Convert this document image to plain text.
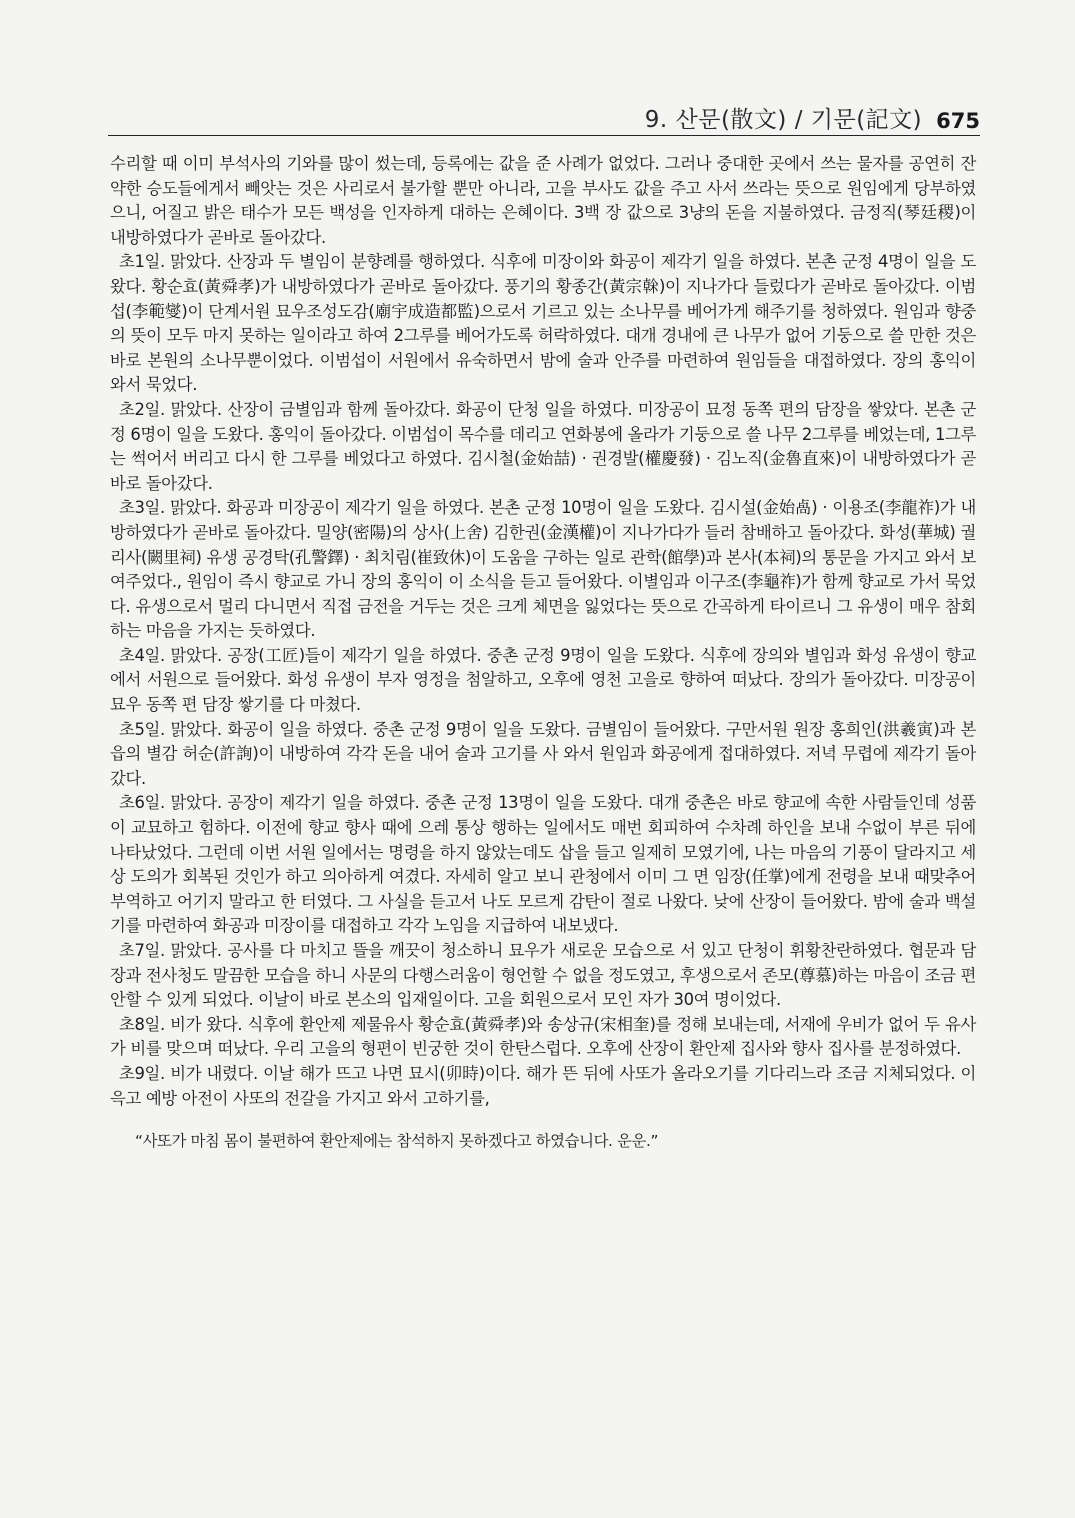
9. 산문(散文) / 기문(記文) 675

수리할 때 이미 부석사의 기와를 많이 썼는데, 등록에는 값을 준 사례가 없었다. 그러나 중대한 곳에서 쓰는 물자를 공연히 잔약한 승도들에게서 빼앗는 것은 사리로서 불가할 뿐만 아니라, 고을 부사도 값을 주고 사서 쓰라는 뜻으로 원임에게 당부하였으니, 어질고 밝은 태수가 모든 백성을 인자하게 대하는 은혜이다. 3백 장 값으로 3냥의 돈을 지불하였다. 금정직(琴廷稷)이 내방하였다가 곧바로 돌아갔다.

초1일. 맑았다. 산장과 두 별임이 분향례를 행하였다. 식후에 미장이와 화공이 제각기 일을 하였다. 본촌 군정 4명이 일을 도왔다. 황순효(黃舜孝)가 내방하였다가 곧바로 돌아갔다. 풍기의 황종간(黃宗榦)이 지나가다 들렀다가 곧바로 돌아갔다. 이범섭(李範燮)이 단계서원 묘우조성도감(廟宇成造都監)으로서 기르고 있는 소나무를 베어가게 해주기를 청하였다. 원임과 향중의 뜻이 모두 마지 못하는 일이라고 하여 2그루를 베어가도록 허락하였다. 대개 경내에 큰 나무가 없어 기둥으로 쓸 만한 것은 바로 본원의 소나무뿐이었다. 이범섭이 서원에서 유숙하면서 밤에 술과 안주를 마련하여 원임들을 대접하였다. 장의 홍익이 와서 묵었다.

초2일. 맑았다. 산장이 금별임과 함께 돌아갔다. 화공이 단청 일을 하였다. 미장공이 묘정 동쪽 편의 담장을 쌓았다. 본촌 군정 6명이 일을 도왔다. 홍익이 돌아갔다. 이범섭이 목수를 데리고 연화봉에 올라가 기둥으로 쓸 나무 2그루를 베었는데, 1그루는 썩어서 버리고 다시 한 그루를 베었다고 하였다. 김시철(金始喆) · 권경발(權慶發) · 김노직(金魯直來)이 내방하였다가 곧바로 돌아갔다.

초3일. 맑았다. 화공과 미장공이 제각기 일을 하였다. 본촌 군정 10명이 일을 도왔다. 김시설(金始卨) · 이용조(李龍祚)가 내방하였다가 곧바로 돌아갔다. 밀양(密陽)의 상사(上舍) 김한권(金漢權)이 지나가다가 들러 참배하고 돌아갔다. 화성(華城) 궐리사(闕里祠) 유생 공경탁(孔警鐸) · 최치림(崔致休)이 도움을 구하는 일로 관학(館學)과 본사(本祠)의 통문을 가지고 와서 보여주었다., 원임이 즉시 향교로 가니 장의 홍익이 이 소식을 듣고 들어왔다. 이별임과 이구조(李龜祚)가 함께 향교로 가서 묵었다. 유생으로서 멀리 다니면서 직접 금전을 거두는 것은 크게 체면을 잃었다는 뜻으로 간곡하게 타이르니 그 유생이 매우 참회하는 마음을 가지는 듯하였다.

초4일. 맑았다. 공장(工匠)들이 제각기 일을 하였다. 중촌 군정 9명이 일을 도왔다. 식후에 장의와 별임과 화성 유생이 향교에서 서원으로 들어왔다. 화성 유생이 부자 영정을 첨알하고, 오후에 영천 고을로 향하여 떠났다. 장의가 돌아갔다. 미장공이 묘우 동쪽 편 담장 쌓기를 다 마쳤다.

초5일. 맑았다. 화공이 일을 하였다. 중촌 군정 9명이 일을 도왔다. 금별임이 들어왔다. 구만서원 원장 홍희인(洪羲寅)과 본읍의 별감 허순(許詢)이 내방하여 각각 돈을 내어 술과 고기를 사 와서 원임과 화공에게 접대하였다. 저녁 무렵에 제각기 돌아갔다.

초6일. 맑았다. 공장이 제각기 일을 하였다. 중촌 군정 13명이 일을 도왔다. 대개 중촌은 바로 향교에 속한 사람들인데 성품이 교묘하고 험하다. 이전에 향교 향사 때에 으레 통상 행하는 일에서도 매번 회피하여 수차례 하인을 보내 수없이 부른 뒤에 나타났었다. 그런데 이번 서원 일에서는 명령을 하지 않았는데도 삽을 들고 일제히 모였기에, 나는 마음의 기풍이 달라지고 세상 도의가 회복된 것인가 하고 의아하게 여겼다. 자세히 알고 보니 관청에서 이미 그 면 임장(任掌)에게 전령을 보내 때맞추어 부역하고 어기지 말라고 한 터였다. 그 사실을 듣고서 나도 모르게 감탄이 절로 나왔다. 낮에 산장이 들어왔다. 밤에 술과 백설기를 마련하여 화공과 미장이를 대접하고 각각 노임을 지급하여 내보냈다.

초7일. 맑았다. 공사를 다 마치고 뜰을 깨끗이 청소하니 묘우가 새로운 모습으로 서 있고 단청이 휘황찬란하였다. 협문과 담장과 전사청도 말끔한 모습을 하니 사문의 다행스러움이 형언할 수 없을 정도였고, 후생으로서 존모(尊慕)하는 마음이 조금 편안할 수 있게 되었다. 이날이 바로 본소의 입재일이다. 고을 회원으로서 모인 자가 30여 명이었다.

초8일. 비가 왔다. 식후에 환안제 제물유사 황순효(黃舜孝)와 송상규(宋相奎)를 정해 보내는데, 서재에 우비가 없어 두 유사가 비를 맞으며 떠났다. 우리 고을의 형편이 빈궁한 것이 한탄스럽다. 오후에 산장이 환안제 집사와 향사 집사를 분정하였다.

초9일. 비가 내렸다. 이날 해가 뜨고 나면 묘시(卯時)이다. 해가 뜬 뒤에 사또가 올라오기를 기다리느라 조금 지체되었다. 이윽고 예방 아전이 사또의 전갈을 가지고 와서 고하기를,

“사또가 마침 몸이 불편하여 환안제에는 참석하지 못하겠다고 하였습니다. 운운.”
